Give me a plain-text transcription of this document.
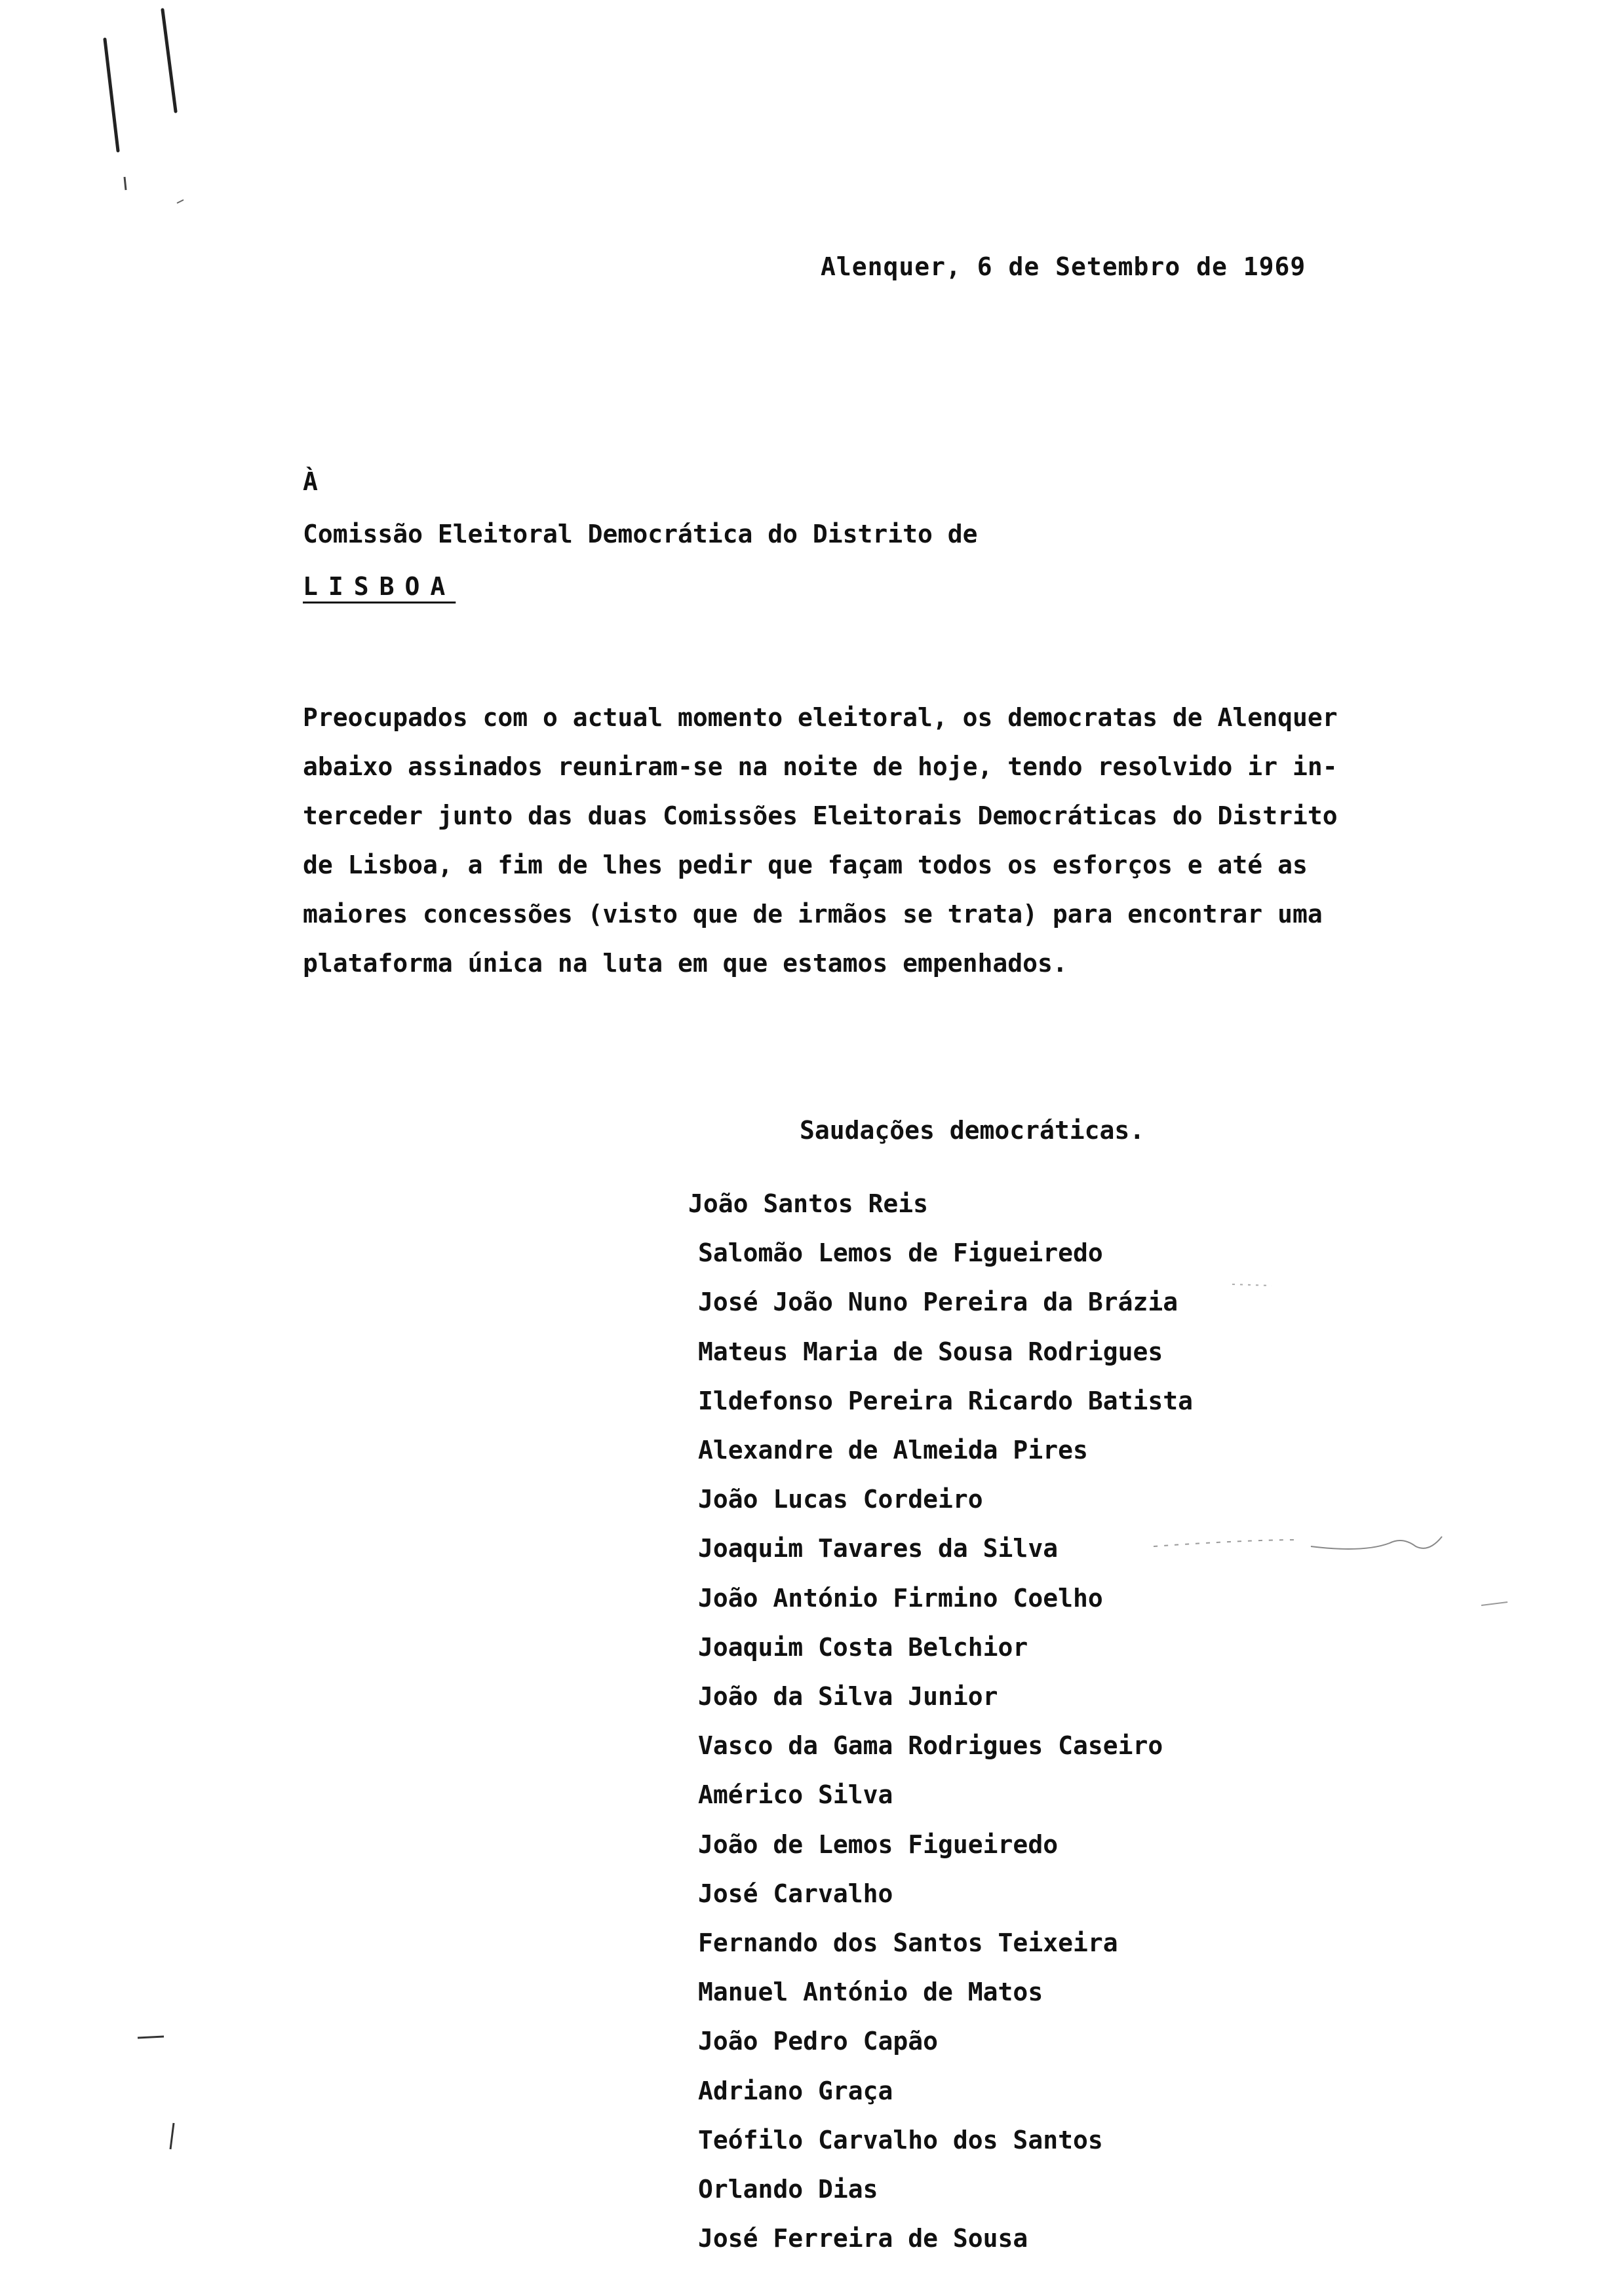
Alenquer, 6 de Setembro de 1969
À
Comissão Eleitoral Democrática do Distrito de
LISBOA

Preocupados com o actual momento eleitoral, os democratas de Alenquer

abaixo assinados reuniram-se na noite de hoje, tendo resolvido ir in-

terceder junto das duas Comissões Eleitorais Democráticas do Distrito

de Lisboa, a fim de lhes pedir que façam todos os esforços e até as

maiores concessões (visto que de irmãos se trata) para encontrar uma

plataforma única na luta em que estamos empenhados.

Saudações democráticas.
João Santos Reis
Salomão Lemos de Figueiredo
José João Nuno Pereira da Brázia
Mateus Maria de Sousa Rodrigues
Ildefonso Pereira Ricardo Batista
Alexandre de Almeida Pires
João Lucas Cordeiro
Joaquim Tavares da Silva
João António Firmino Coelho
Joaquim Costa Belchior
João da Silva Junior
Vasco da Gama Rodrigues Caseiro
Américo Silva
João de Lemos Figueiredo
José Carvalho
Fernando dos Santos Teixeira
Manuel António de Matos
João Pedro Capão
Adriano Graça
Teófilo Carvalho dos Santos
Orlando Dias
José Ferreira de Sousa
